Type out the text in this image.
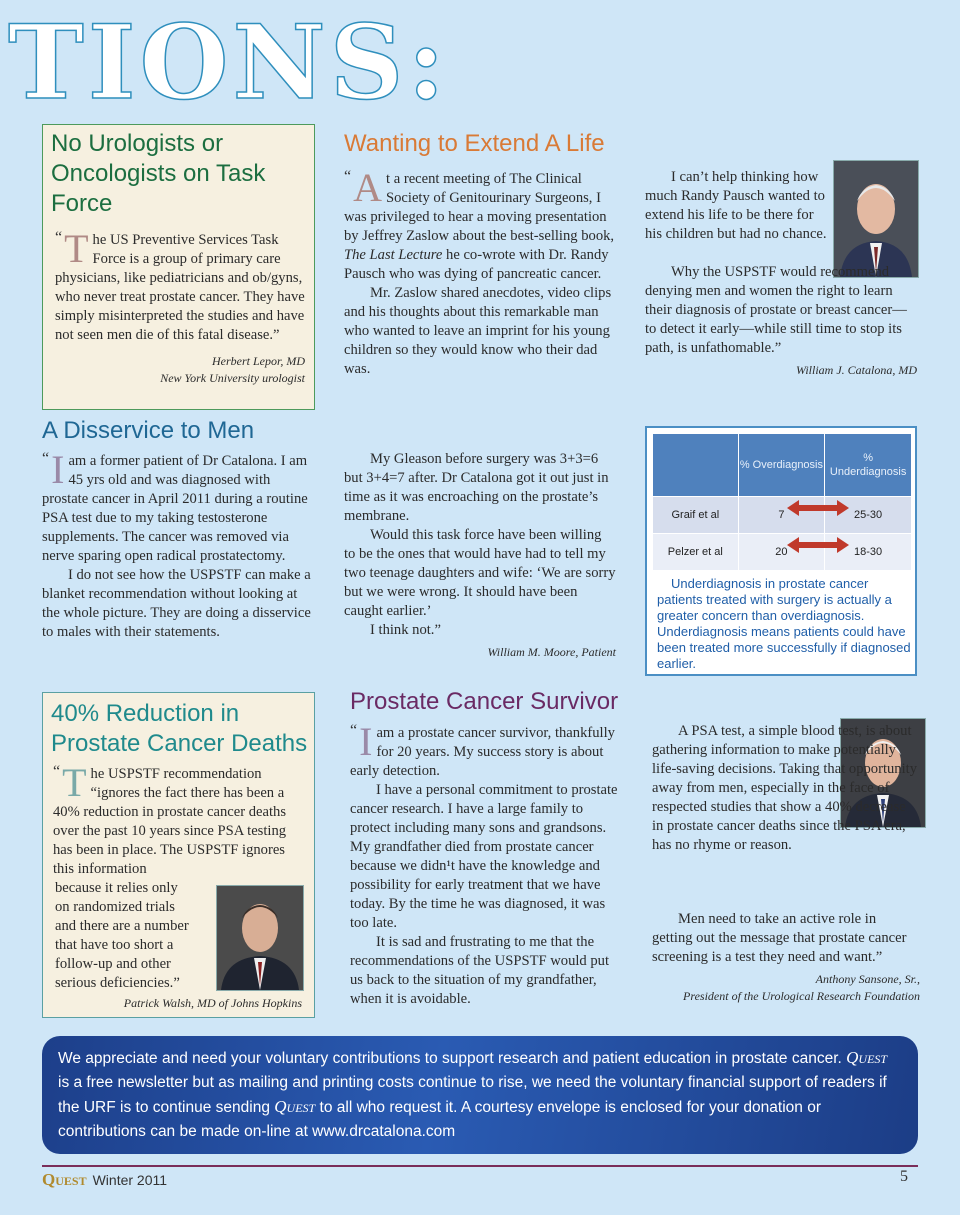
TIONS:
No Urologists or Oncologists on Task Force
“ T he US Preventive Services Task Force is a group of primary care physicians, like pediatricians and ob/gyns, who never treat prostate cancer. They have simply misinterpreted the studies and have not seen men die of this fatal disease.”
Herbert Lepor, MD
New York University urologist
Wanting to Extend A Life

“ A t a recent meeting of The Clinical Society of Genitourinary Surgeons, I was privileged to hear a moving presentation by Jeffrey Zaslow about the best-selling book, The Last Lecture he co-wrote with Dr. Randy Pausch who was dying of pancreatic cancer.

Mr. Zaslow shared anecdotes, video clips and his thoughts about this remarkable man who wanted to leave an imprint for his young children so they would know who their dad was.

I can’t help thinking how much Randy Pausch wanted to extend his life to be there for his children but had no chance.

Why the USPSTF would recommend denying men and women the right to learn their diagnosis of prostate or breast cancer—to detect it early—while still time to stop its path, is unfathomable.”

William J. Catalona, MD
A Disservice to Men

“ I am a former patient of Dr Catalona. I am 45 yrs old and was diagnosed with prostate cancer in April 2011 during a routine PSA test due to my taking testosterone supplements. The cancer was removed via nerve sparing open radical prostatectomy.

I do not see how the USPSTF can make a blanket recommendation without looking at the whole picture. They are doing a disservice to males with their statements.

My Gleason before surgery was 3+3=6 but 3+4=7 after. Dr Catalona got it out just in time as it was encroaching on the prostate’s membrane.

Would this task force have been willing to be the ones that would have had to tell my two teenage daughters and wife: ‘We are sorry but we were wrong. It should have been caught earlier.’

I think not.”

William M. Moore, Patient
	% Overdiagnosis	% Underdiagnosis
Graif et al	7	25-30
Pelzer et al	20	18-30
Underdiagnosis in prostate cancer patients treated with surgery is actually a greater concern than overdiagnosis. Underdiagnosis means patients could have been treated more successfully if diagnosed earlier.
40% Reduction in Prostate Cancer Deaths
“ T he USPSTF recommendation “ignores the fact there has been a 40% reduction in prostate cancer deaths over the past 10 years since PSA testing has been in place. The USPSTF ignores this information
because it relies only on randomized trials and there are a number that have too short a follow-up and other serious deficiencies.”
Patrick Walsh, MD of Johns Hopkins
Prostate Cancer Survivor

“ I am a prostate cancer survivor, thankfully for 20 years. My success story is about early detection.

I have a personal commitment to prostate cancer research. I have a large family to protect including many sons and grandsons. My grandfather died from prostate cancer because we didn¹t have the knowledge and possibility for early treatment that we have today. By the time he was diagnosed, it was too late.

It is sad and frustrating to me that the recommendations of the USPSTF would put us back to the situation of my grandfather, when it is avoidable.

A PSA test, a simple blood test, is about gathering information to make potentially life-saving decisions. Taking that opportunity away from men, especially in the face of respected studies that show a 40% decrease in prostate cancer deaths since the PSA era, has no rhyme or reason.

Men need to take an active role in getting out the message that prostate cancer screening is a test they need and want.”

Anthony Sansone, Sr.,
President of the Urological Research Foundation
We appreciate and need your voluntary contributions to support research and patient education in prostate cancer. Quest is a free newsletter but as mailing and printing costs continue to rise, we need the voluntary financial support of readers if the URF is to continue sending Quest to all who request it. A courtesy envelope is enclosed for your donation or contributions can be made on-line at www.drcatalona.com
Quest Winter 2011	5
